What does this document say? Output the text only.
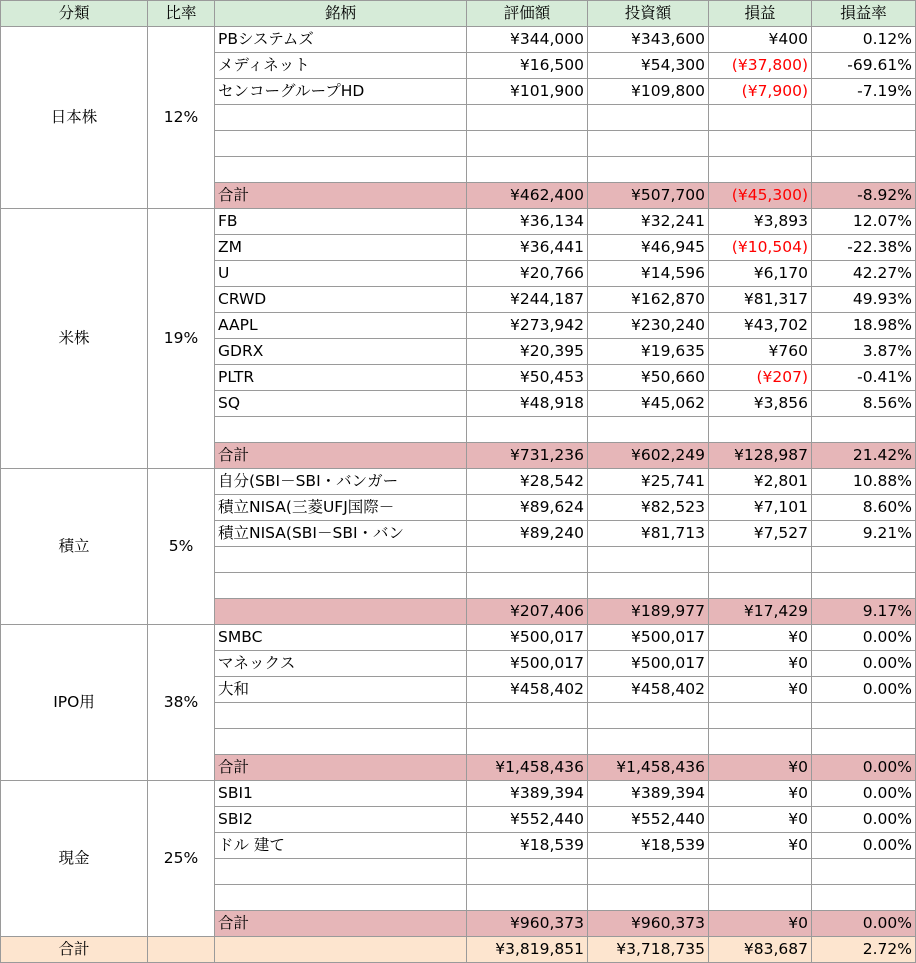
分類	比率	銘柄	評価額	投資額	損益	損益率
日本株	12%	PBシステムズ	¥344,000	¥343,600	¥400	0.12%
		メディネット	¥16,500	¥54,300	(¥37,800)	-69.61%
		センコーグループHD	¥101,900	¥109,800	(¥7,900)	-7.19%

		合計	¥462,400	¥507,700	(¥45,300)	-8.92%
米株	19%	FB	¥36,134	¥32,241	¥3,893	12.07%
		ZM	¥36,441	¥46,945	(¥10,504)	-22.38%
		U	¥20,766	¥14,596	¥6,170	42.27%
		CRWD	¥244,187	¥162,870	¥81,317	49.93%
		AAPL	¥273,942	¥230,240	¥43,702	18.98%
		GDRX	¥20,395	¥19,635	¥760	3.87%
		PLTR	¥50,453	¥50,660	(¥207)	-0.41%
		SQ	¥48,918	¥45,062	¥3,856	8.56%

		合計	¥731,236	¥602,249	¥128,987	21.42%
積立	5%	自分(SBI－SBI・バンガー	¥28,542	¥25,741	¥2,801	10.88%
		積立NISA(三菱UFJ国際－	¥89,624	¥82,523	¥7,101	8.60%
		積立NISA(SBI－SBI・バン	¥89,240	¥81,713	¥7,527	9.21%

			¥207,406	¥189,977	¥17,429	9.17%
IPO用	38%	SMBC	¥500,017	¥500,017	¥0	0.00%
		マネックス	¥500,017	¥500,017	¥0	0.00%
		大和	¥458,402	¥458,402	¥0	0.00%

		合計	¥1,458,436	¥1,458,436	¥0	0.00%
現金	25%	SBI1	¥389,394	¥389,394	¥0	0.00%
		SBI2	¥552,440	¥552,440	¥0	0.00%
		ドル 建て	¥18,539	¥18,539	¥0	0.00%

		合計	¥960,373	¥960,373	¥0	0.00%
合計			¥3,819,851	¥3,718,735	¥83,687	2.72%
